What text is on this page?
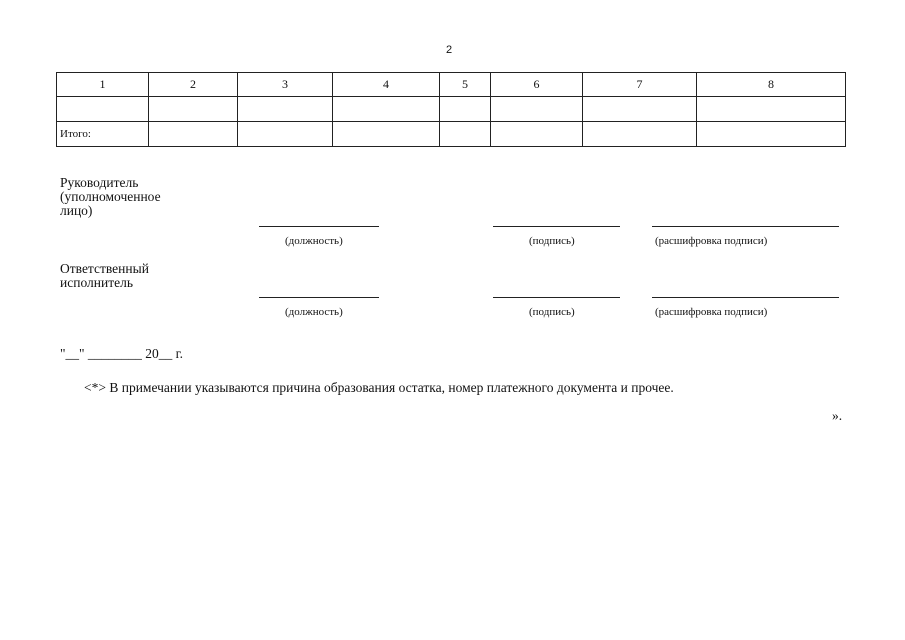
2
1	2	3	4	5	6	7	8

Итого:							
Руководитель
(уполномоченное
лицо)
(должность)	(подпись)	(расшифровка подписи)
Ответственный
исполнитель
(должность)	(подпись)	(расшифровка подписи)
"__" ________ 20__ г.
<*> В примечании указываются причина образования остатка, номер платежного документа и прочее.
».
